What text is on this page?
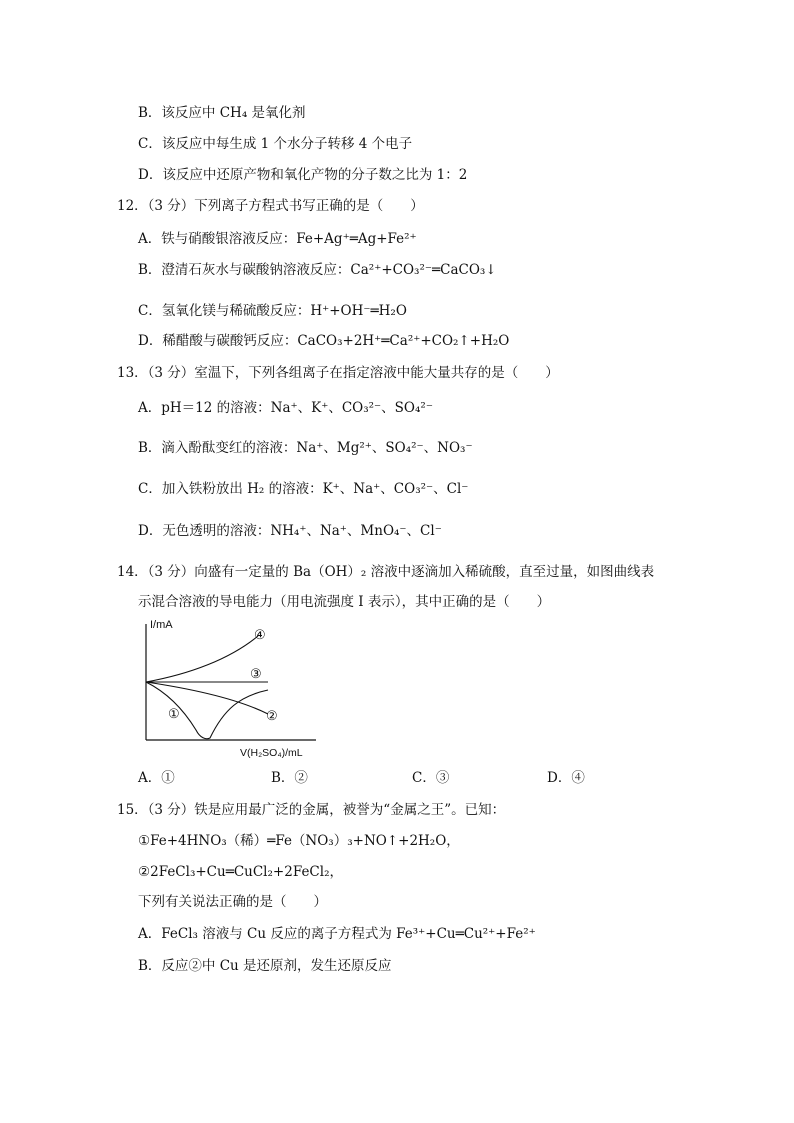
B．该反应中 CH₄ 是氧化剂
C．该反应中每生成 1 个水分子转移 4 个电子
D．该反应中还原产物和氧化产物的分子数之比为 1：2
12．（3 分）下列离子方程式书写正确的是（　　）
A．铁与硝酸银溶液反应：Fe+Ag⁺═Ag+Fe²⁺
B．澄清石灰水与碳酸钠溶液反应：Ca²⁺+CO₃²⁻═CaCO₃↓
C．氢氧化镁与稀硫酸反应：H⁺+OH⁻═H₂O
D．稀醋酸与碳酸钙反应：CaCO₃+2H⁺═Ca²⁺+CO₂↑+H₂O
13．（3 分）室温下，下列各组离子在指定溶液中能大量共存的是（　　）
A．pH＝12 的溶液：Na⁺、K⁺、CO₃²⁻、SO₄²⁻
B．滴入酚酞变红的溶液：Na⁺、Mg²⁺、SO₄²⁻、NO₃⁻
C．加入铁粉放出 H₂ 的溶液：K⁺、Na⁺、CO₃²⁻、Cl⁻
D．无色透明的溶液：NH₄⁺、Na⁺、MnO₄⁻、Cl⁻
14．（3 分）向盛有一定量的 Ba（OH）₂ 溶液中逐滴加入稀硫酸，直至过量，如图曲线表
示混合溶液的导电能力（用电流强度 I 表示），其中正确的是（　　）
I/mA
④
③
①	②
V(H₂SO₄)/mL
A．①	B．②	C．③	D．④
15．（3 分）铁是应用最广泛的金属，被誉为“金属之王”。已知：
①Fe+4HNO₃（稀）═Fe（NO₃）₃+NO↑+2H₂O，
②2FeCl₃+Cu═CuCl₂+2FeCl₂，
下列有关说法正确的是（　　）
A．FeCl₃ 溶液与 Cu 反应的离子方程式为 Fe³⁺+Cu═Cu²⁺+Fe²⁺
B．反应②中 Cu 是还原剂，发生还原反应
